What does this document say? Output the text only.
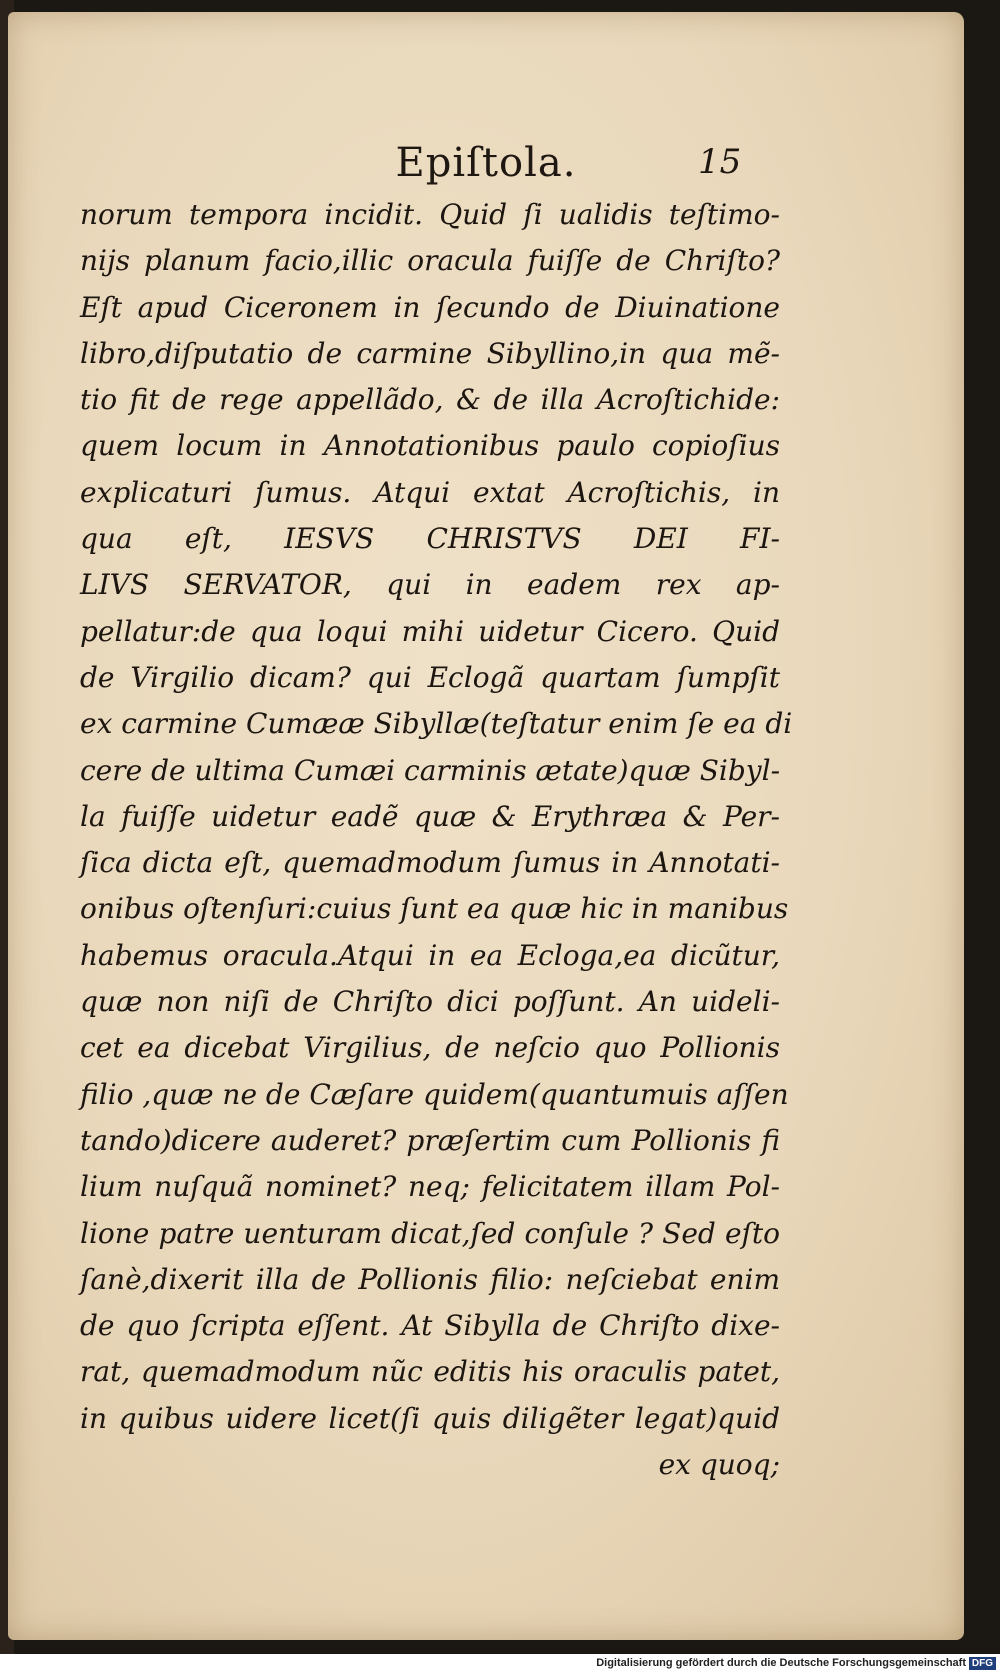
Epiſtola.	15
norum tempora incidit. Quid ſi ualidis teſtimo-
nijs planum facio,illic oracula fuiſſe de Chriſto?
Eſt apud Ciceronem in ſecundo de Diuinatione
libro,diſputatio de carmine Sibyllino,in qua mẽ-
tio fit de rege appellãdo, & de illa Acroſtichide:
quem locum in Annotationibus paulo copioſius
explicaturi ſumus. Atqui extat Acroſtichis, in
qua eſt, IESVS CHRISTVS DEI FI-
LIVS SERVATOR, qui in eadem rex ap-
pellatur:de qua loqui mihi uidetur Cicero. Quid
de Virgilio dicam? qui Eclogã quartam ſumpſit
ex carmine Cumææ Sibyllæ(teſtatur enim ſe ea di
cere de ultima Cumæi carminis ætate)quæ Sibyl-
la fuiſſe uidetur eadẽ quæ & Erythræa & Per-
ſica dicta eſt, quemadmodum ſumus in Annotati-
onibus oſtenſuri:cuius ſunt ea quæ hic in manibus
habemus oracula.Atqui in ea Ecloga,ea dicũtur,
quæ non niſi de Chriſto dici poſſunt. An uideli-
cet ea dicebat Virgilius, de neſcio quo Pollionis
filio ,quæ ne de Cæſare quidem(quantumuis aſſen
tando)dicere auderet? præſertim cum Pollionis fi
lium nuſquã nominet? neq; felicitatem illam Pol-
lione patre uenturam dicat,ſed conſule ? Sed eſto
ſanè,dixerit illa de Pollionis filio: neſciebat enim
de quo ſcripta eſſent. At Sibylla de Chriſto dixe-
rat, quemadmodum nũc editis his oraculis patet,
in quibus uidere licet(ſi quis diligẽter legat)quid
ex quoq;
Digitalisierung gefördert durch die Deutsche Forschungsgemeinschaft DFG
